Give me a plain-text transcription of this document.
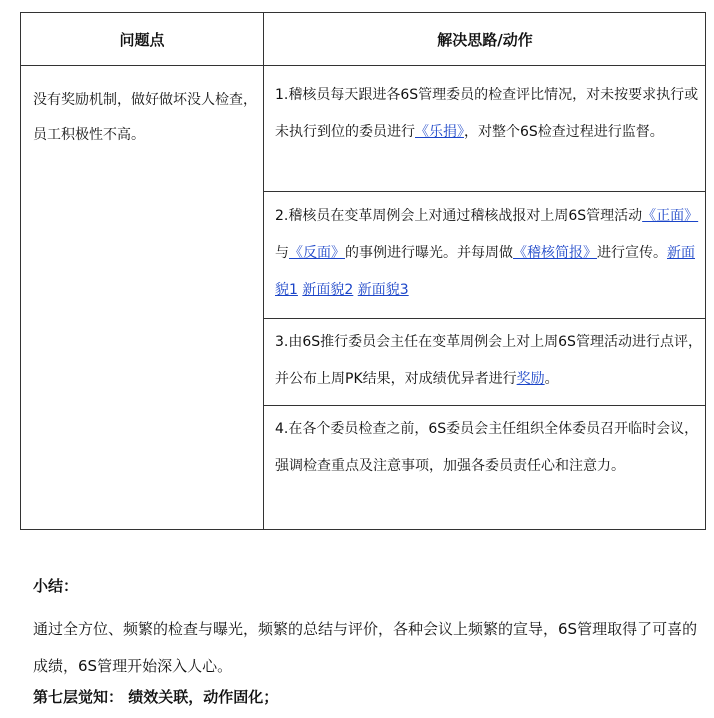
问题点	解决思路/动作
没有奖励机制，做好做坏没人检查，员工积极性不高。
1.稽核员每天跟进各6S管理委员的检查评比情况，对未按要求执行或未执行到位的委员进行《乐捐》，对整个6S检查过程进行监督。
2.稽核员在变革周例会上对通过稽核战报对上周6S管理活动《正面》与《反面》的事例进行曝光。并每周做《稽核简报》进行宣传。新面貌1 新面貌2 新面貌3
3.由6S推行委员会主任在变革周例会上对上周6S管理活动进行点评，并公布上周PK结果，对成绩优异者进行奖励。
4.在各个委员检查之前，6S委员会主任组织全体委员召开临时会议，强调检查重点及注意事项，加强各委员责任心和注意力。
小结：
通过全方位、频繁的检查与曝光，频繁的总结与评价，各种会议上频繁的宣导，6S管理取得了可喜的成绩，6S管理开始深入人心。
第七层觉知： 绩效关联，动作固化；
